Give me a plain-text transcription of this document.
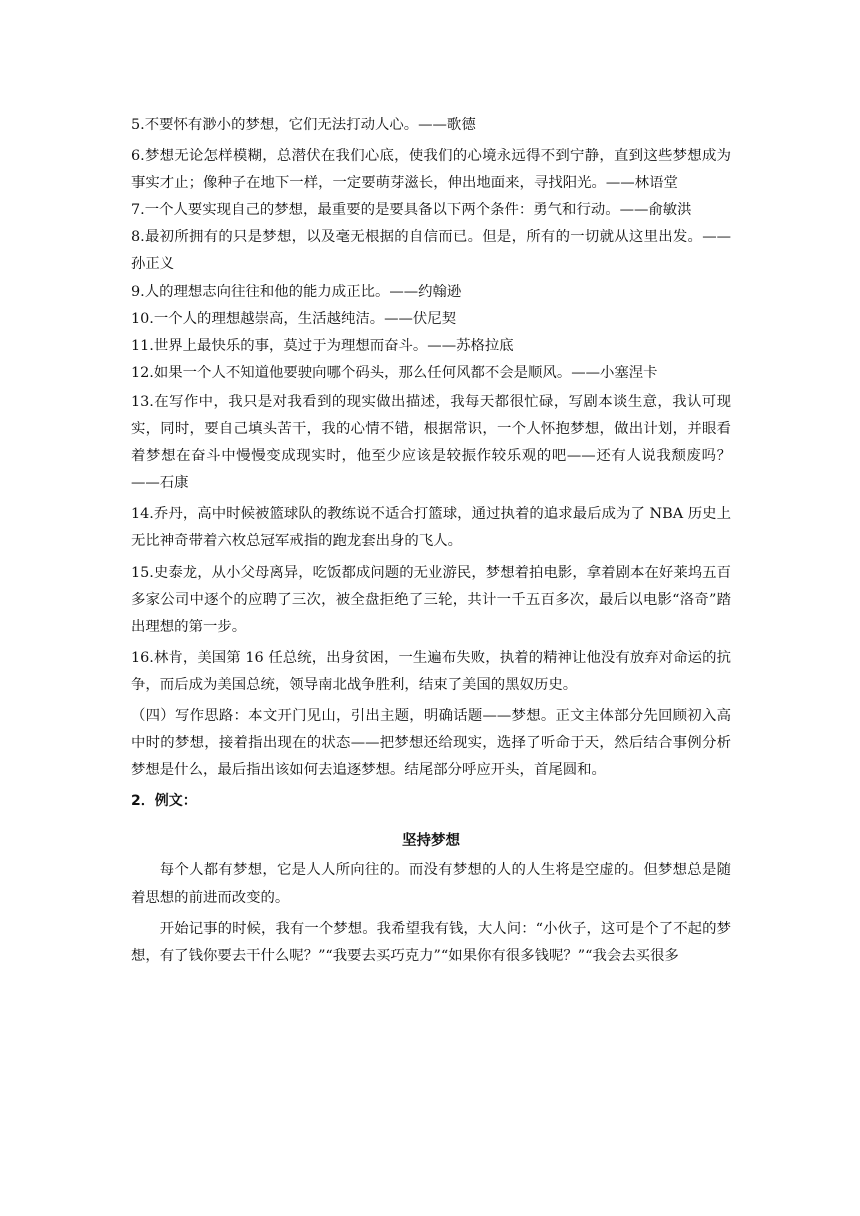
5.不要怀有渺小的梦想，它们无法打动人心。——歌德

6.梦想无论怎样模糊，总潜伏在我们心底，使我们的心境永远得不到宁静，直到这些梦想成为事实才止；像种子在地下一样，一定要萌芽滋长，伸出地面来，寻找阳光。——林语堂

7.一个人要实现自己的梦想，最重要的是要具备以下两个条件：勇气和行动。——俞敏洪

8.最初所拥有的只是梦想，以及毫无根据的自信而已。但是，所有的一切就从这里出发。——孙正义

9.人的理想志向往往和他的能力成正比。——约翰逊

10.一个人的理想越崇高，生活越纯洁。——伏尼契

11.世界上最快乐的事，莫过于为理想而奋斗。——苏格拉底

12.如果一个人不知道他要驶向哪个码头，那么任何风都不会是顺风。——小塞涅卡

13.在写作中，我只是对我看到的现实做出描述，我每天都很忙碌，写剧本谈生意，我认可现实，同时，要自己填头苦干，我的心情不错，根据常识，一个人怀抱梦想，做出计划，并眼看着梦想在奋斗中慢慢变成现实时，他至少应该是较振作较乐观的吧——还有人说我颓废吗？——石康

14.乔丹，高中时候被篮球队的教练说不适合打篮球，通过执着的追求最后成为了 NBA 历史上无比神奇带着六枚总冠军戒指的跑龙套出身的飞人。

15.史泰龙，从小父母离异，吃饭都成问题的无业游民，梦想着拍电影，拿着剧本在好莱坞五百多家公司中逐个的应聘了三次，被全盘拒绝了三轮，共计一千五百多次，最后以电影“洛奇”踏出理想的第一步。

16.林肯，美国第 16 任总统，出身贫困，一生遍布失败，执着的精神让他没有放弃对命运的抗争，而后成为美国总统，领导南北战争胜利，结束了美国的黑奴历史。

（四）写作思路：本文开门见山，引出主题，明确话题——梦想。正文主体部分先回顾初入高中时的梦想，接着指出现在的状态——把梦想还给现实，选择了听命于天，然后结合事例分析梦想是什么，最后指出该如何去追逐梦想。结尾部分呼应开头，首尾圆和。

2．例文：

坚持梦想

每个人都有梦想，它是人人所向往的。而没有梦想的人的人生将是空虚的。但梦想总是随着思想的前进而改变的。

开始记事的时候，我有一个梦想。我希望我有钱，大人问：“小伙子，这可是个了不起的梦想，有了钱你要去干什么呢？”“我要去买巧克力”“如果你有很多钱呢？”“我会去买很多
